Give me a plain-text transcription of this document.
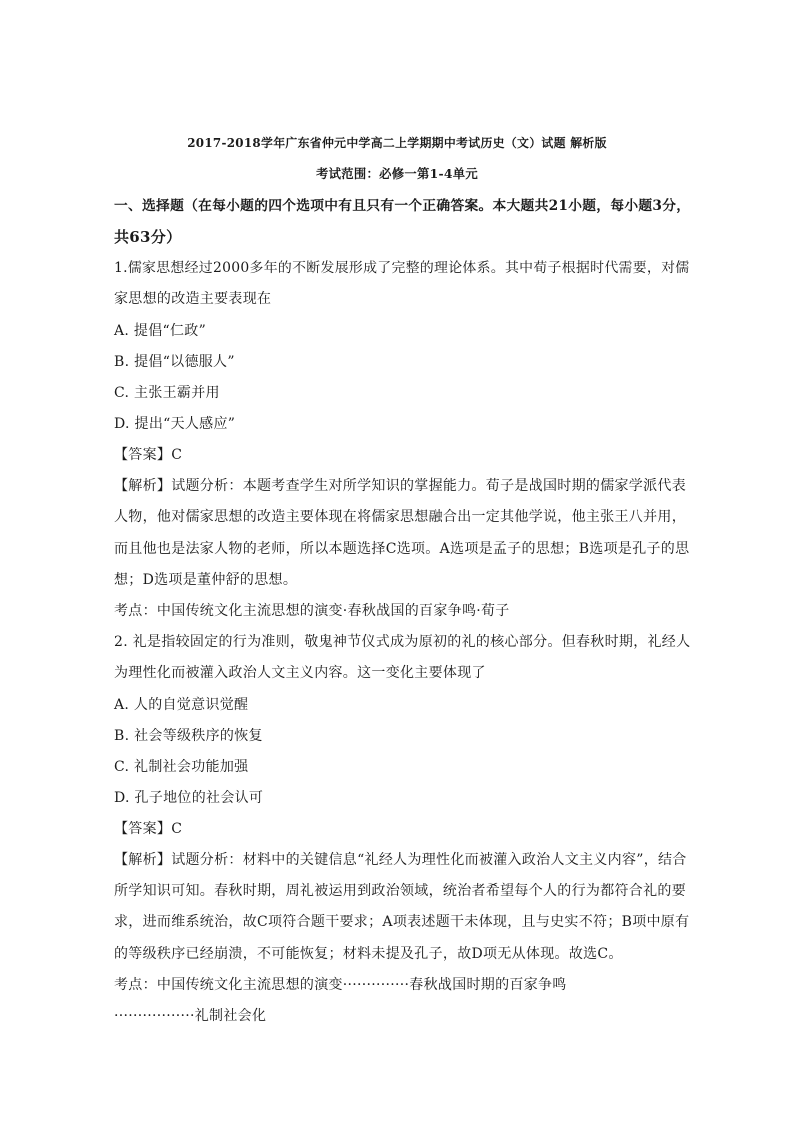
2017-2018学年广东省仲元中学高二上学期期中考试历史（文）试题 解析版
考试范围：必修一第1-4单元
一、选择题（在每小题的四个选项中有且只有一个正确答案。本大题共21小题，每小题3分，
共63分）
1.儒家思想经过2000多年的不断发展形成了完整的理论体系。其中荀子根据时代需要，对儒
家思想的改造主要表现在
A. 提倡“仁政”
B. 提倡“以德服人”
C. 主张王霸并用
D. 提出“天人感应”
【答案】C
【解析】试题分析：本题考查学生对所学知识的掌握能力。荀子是战国时期的儒家学派代表
人物，他对儒家思想的改造主要体现在将儒家思想融合出一定其他学说，他主张王八并用，
而且他也是法家人物的老师，所以本题选择C选项。A选项是孟子的思想；B选项是孔子的思
想；D选项是董仲舒的思想。
考点：中国传统文化主流思想的演变·春秋战国的百家争鸣·荀子
2. 礼是指较固定的行为准则，敬鬼神节仪式成为原初的礼的核心部分。但春秋时期，礼经人
为理性化而被灌入政治人文主义内容。这一变化主要体现了
A. 人的自觉意识觉醒
B. 社会等级秩序的恢复
C. 礼制社会功能加强
D. 孔子地位的社会认可
【答案】C
【解析】试题分析：材料中的关键信息“礼经人为理性化而被灌入政治人文主义内容”，结合
所学知识可知。春秋时期，周礼被运用到政治领域，统治者希望每个人的行为都符合礼的要
求，进而维系统治，故C项符合题干要求；A项表述题干未体现，且与史实不符；B项中原有
的等级秩序已经崩溃，不可能恢复；材料未提及孔子，故D项无从体现。故选C。
考点：中国传统文化主流思想的演变··············春秋战国时期的百家争鸣
·················礼制社会化
